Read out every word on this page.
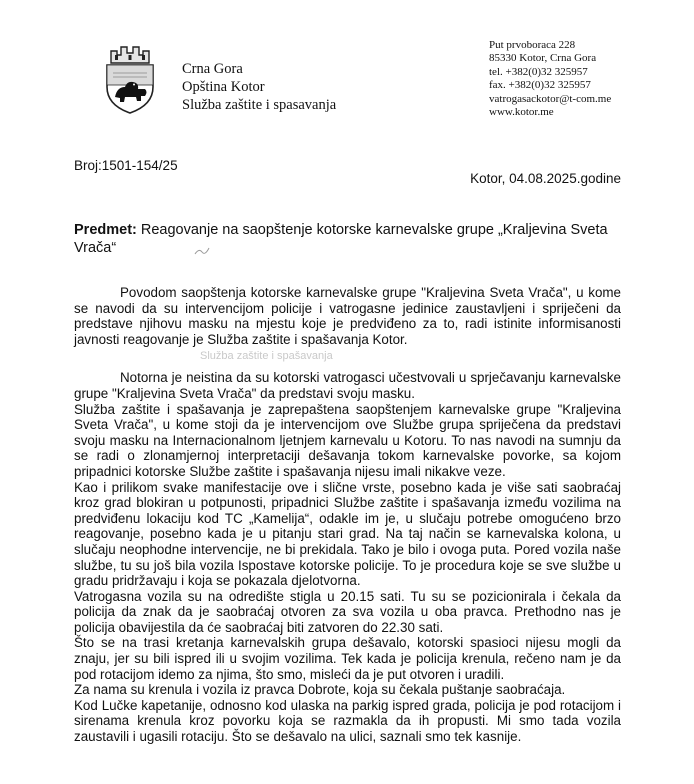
Crna Gora
Opština Kotor
Služba zaštite i spasavanja
Put prvoboraca 228
85330 Kotor, Crna Gora
tel. +382(0)32 325957
fax. +382(0)32 325957
vatrogasackotor@t-com.me
www.kotor.me
Broj:1501-154/25
Kotor, 04.08.2025.godine
Predmet: Reagovanje na saopštenje kotorske karnevalske grupe „Kraljevina Sveta Vrača“
Služba zaštite i spašavanja

Povodom saopštenja kotorske karnevalske grupe "Kraljevina Sveta Vrača", u kome se navodi da su intervencijom policije i vatrogasne jedinice zaustavljeni i spriječeni da predstave njihovu masku na mjestu koje je predviđeno za to, radi istinite informisanosti javnosti reagovanje je Služba zaštite i spašavanja Kotor.

Notorna je neistina da su kotorski vatrogasci učestvovali u sprječavanju karnevalske grupe "Kraljevina Sveta Vrača" da predstavi svoju masku.

Služba zaštite i spašavanja je zaprepaštena saopštenjem karnevalske grupe "Kraljevina Sveta Vrača", u kome stoji da je intervencijom ove Službe grupa spriječena da predstavi svoju masku na Internacionalnom ljetnjem karnevalu u Kotoru. To nas navodi na sumnju da se radi o zlonamjernoj interpretaciji dešavanja tokom karnevalske povorke, sa kojom pripadnici kotorske Službe zaštite i spašavanja nijesu imali nikakve veze.

Kao i prilikom svake manifestacije ove i slične vrste, posebno kada je više sati saobraćaj kroz grad blokiran u potpunosti, pripadnici Službe zaštite i spašavanja između vozilima na predviđenu lokaciju kod TC „Kamelija“, odakle im je, u slučaju potrebe omogućeno brzo reagovanje, posebno kada je u pitanju stari grad. Na taj način se karnevalska kolona, u slučaju neophodne intervencije, ne bi prekidala. Tako je bilo i ovoga puta. Pored vozila naše službe, tu su još bila vozila Ispostave kotorske policije. To je procedura koje se sve službe u gradu pridržavaju i koja se pokazala djelotvorna.

Vatrogasna vozila su na odredište stigla u 20.15 sati. Tu su se pozicionirala i čekala da policija da znak da je saobraćaj otvoren za sva vozila u oba pravca. Prethodno nas je policija obavijestila da će saobraćaj biti zatvoren do 22.30 sati.

Što se na trasi kretanja karnevalskih grupa dešavalo, kotorski spasioci nijesu mogli da znaju, jer su bili ispred ili u svojim vozilima. Tek kada je policija krenula, rečeno nam je da pod rotacijom idemo za njima, što smo, misleći da je put otvoren i uradili.

Za nama su krenula i vozila iz pravca Dobrote, koja su čekala puštanje saobraćaja.

Kod Lučke kapetanije, odnosno kod ulaska na parkig ispred grada, policija je pod rotacijom i sirenama krenula kroz povorku koja se razmakla da ih propusti. Mi smo tada vozila zaustavili i ugasili rotaciju. Što se dešavalo na ulici, saznali smo tek kasnije.
